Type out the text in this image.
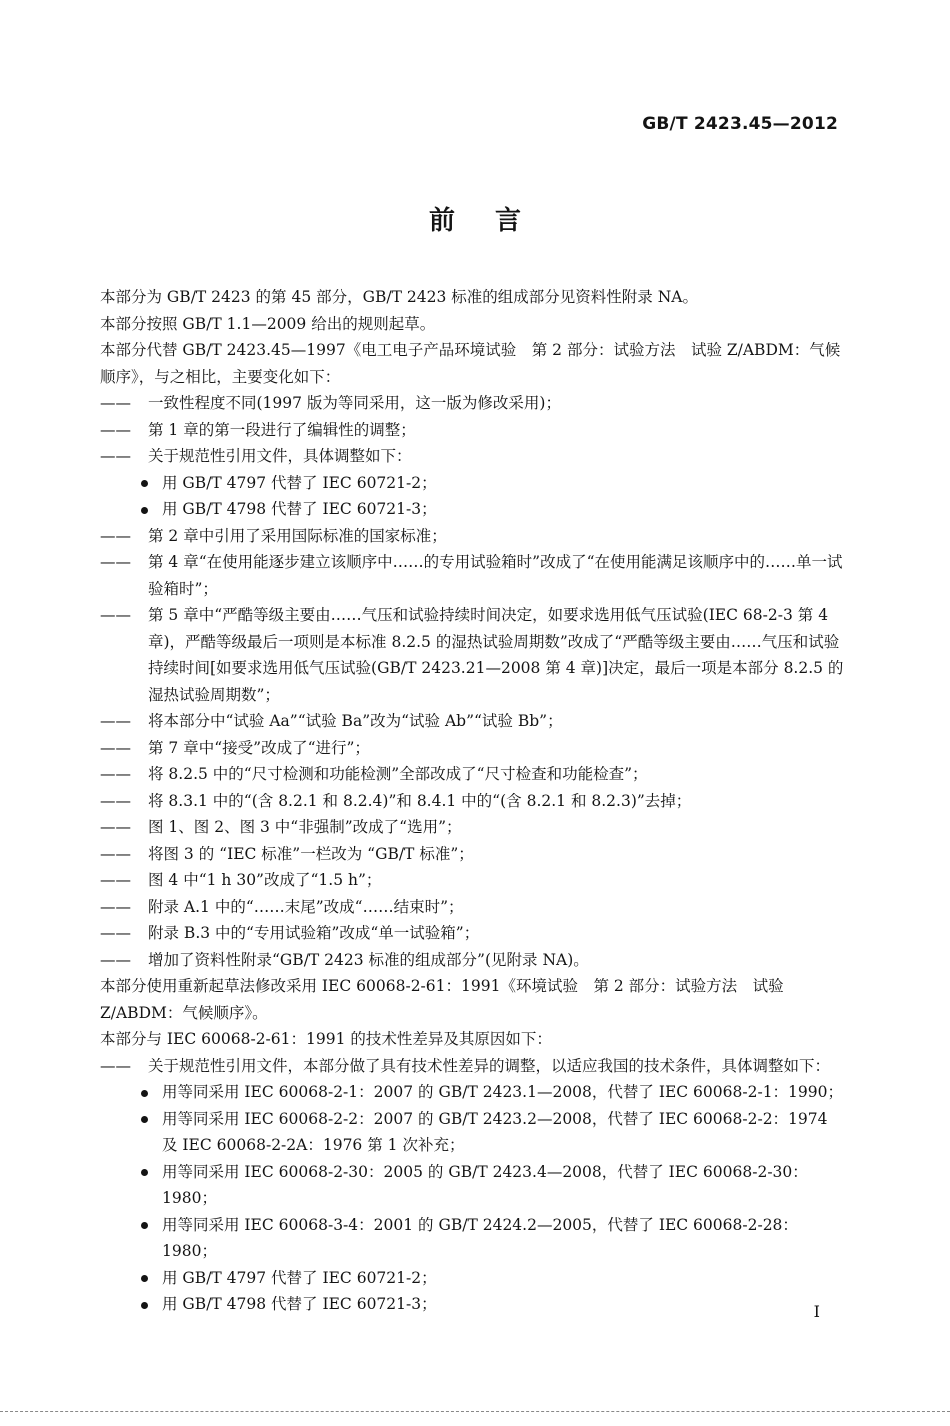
GB/T 2423.45—2012
前言

本部分为 GB/T 2423 的第 45 部分，GB/T 2423 标准的组成部分见资料性附录 NA。

本部分按照 GB/T 1.1—2009 给出的规则起草。

本部分代替 GB/T 2423.45—1997《电工电子产品环境试验　第 2 部分：试验方法　试验 Z/ABDM：气候顺序》，与之相比，主要变化如下：

—— 一致性程度不同(1997 版为等同采用，这一版为修改采用)；

—— 第 1 章的第一段进行了编辑性的调整；

—— 关于规范性引用文件，具体调整如下：

用 GB/T 4797 代替了 IEC 60721-2；

用 GB/T 4798 代替了 IEC 60721-3；

—— 第 2 章中引用了采用国际标准的国家标准；

—— 第 4 章“在使用能逐步建立该顺序中……的专用试验箱时”改成了“在使用能满足该顺序中的……单一试验箱时”；

—— 第 5 章中“严酷等级主要由……气压和试验持续时间决定，如要求选用低气压试验(IEC 68-2-3 第 4 章)，严酷等级最后一项则是本标准 8.2.5 的湿热试验周期数”改成了“严酷等级主要由……气压和试验持续时间[如要求选用低气压试验(GB/T 2423.21—2008 第 4 章)]决定，最后一项是本部分 8.2.5 的湿热试验周期数”；

—— 将本部分中“试验 Aa”“试验 Ba”改为“试验 Ab”“试验 Bb”；

—— 第 7 章中“接受”改成了“进行”；

—— 将 8.2.5 中的“尺寸检测和功能检测”全部改成了“尺寸检查和功能检查”；

—— 将 8.3.1 中的“(含 8.2.1 和 8.2.4)”和 8.4.1 中的“(含 8.2.1 和 8.2.3)”去掉；

—— 图 1、图 2、图 3 中“非强制”改成了“选用”；

—— 将图 3 的 “IEC 标准”一栏改为 “GB/T 标准”；

—— 图 4 中“1 h 30”改成了“1.5 h”；

—— 附录 A.1 中的“……末尾”改成“……结束时”；

—— 附录 B.3 中的“专用试验箱”改成“单一试验箱”；

—— 增加了资料性附录“GB/T 2423 标准的组成部分”(见附录 NA)。

本部分使用重新起草法修改采用 IEC 60068-2-61：1991《环境试验　第 2 部分：试验方法　试验 Z/ABDM：气候顺序》。

本部分与 IEC 60068-2-61：1991 的技术性差异及其原因如下：

—— 关于规范性引用文件，本部分做了具有技术性差异的调整，以适应我国的技术条件，具体调整如下：

用等同采用 IEC 60068-2-1：2007 的 GB/T 2423.1—2008，代替了 IEC 60068-2-1：1990；

用等同采用 IEC 60068-2-2：2007 的 GB/T 2423.2—2008，代替了 IEC 60068-2-2：1974 及 IEC 60068-2-2A：1976 第 1 次补充；

用等同采用 IEC 60068-2-30：2005 的 GB/T 2423.4—2008，代替了 IEC 60068-2-30：1980；

用等同采用 IEC 60068-3-4：2001 的 GB/T 2424.2—2005，代替了 IEC 60068-2-28：1980；

用 GB/T 4797 代替了 IEC 60721-2；

用 GB/T 4798 代替了 IEC 60721-3；	I
